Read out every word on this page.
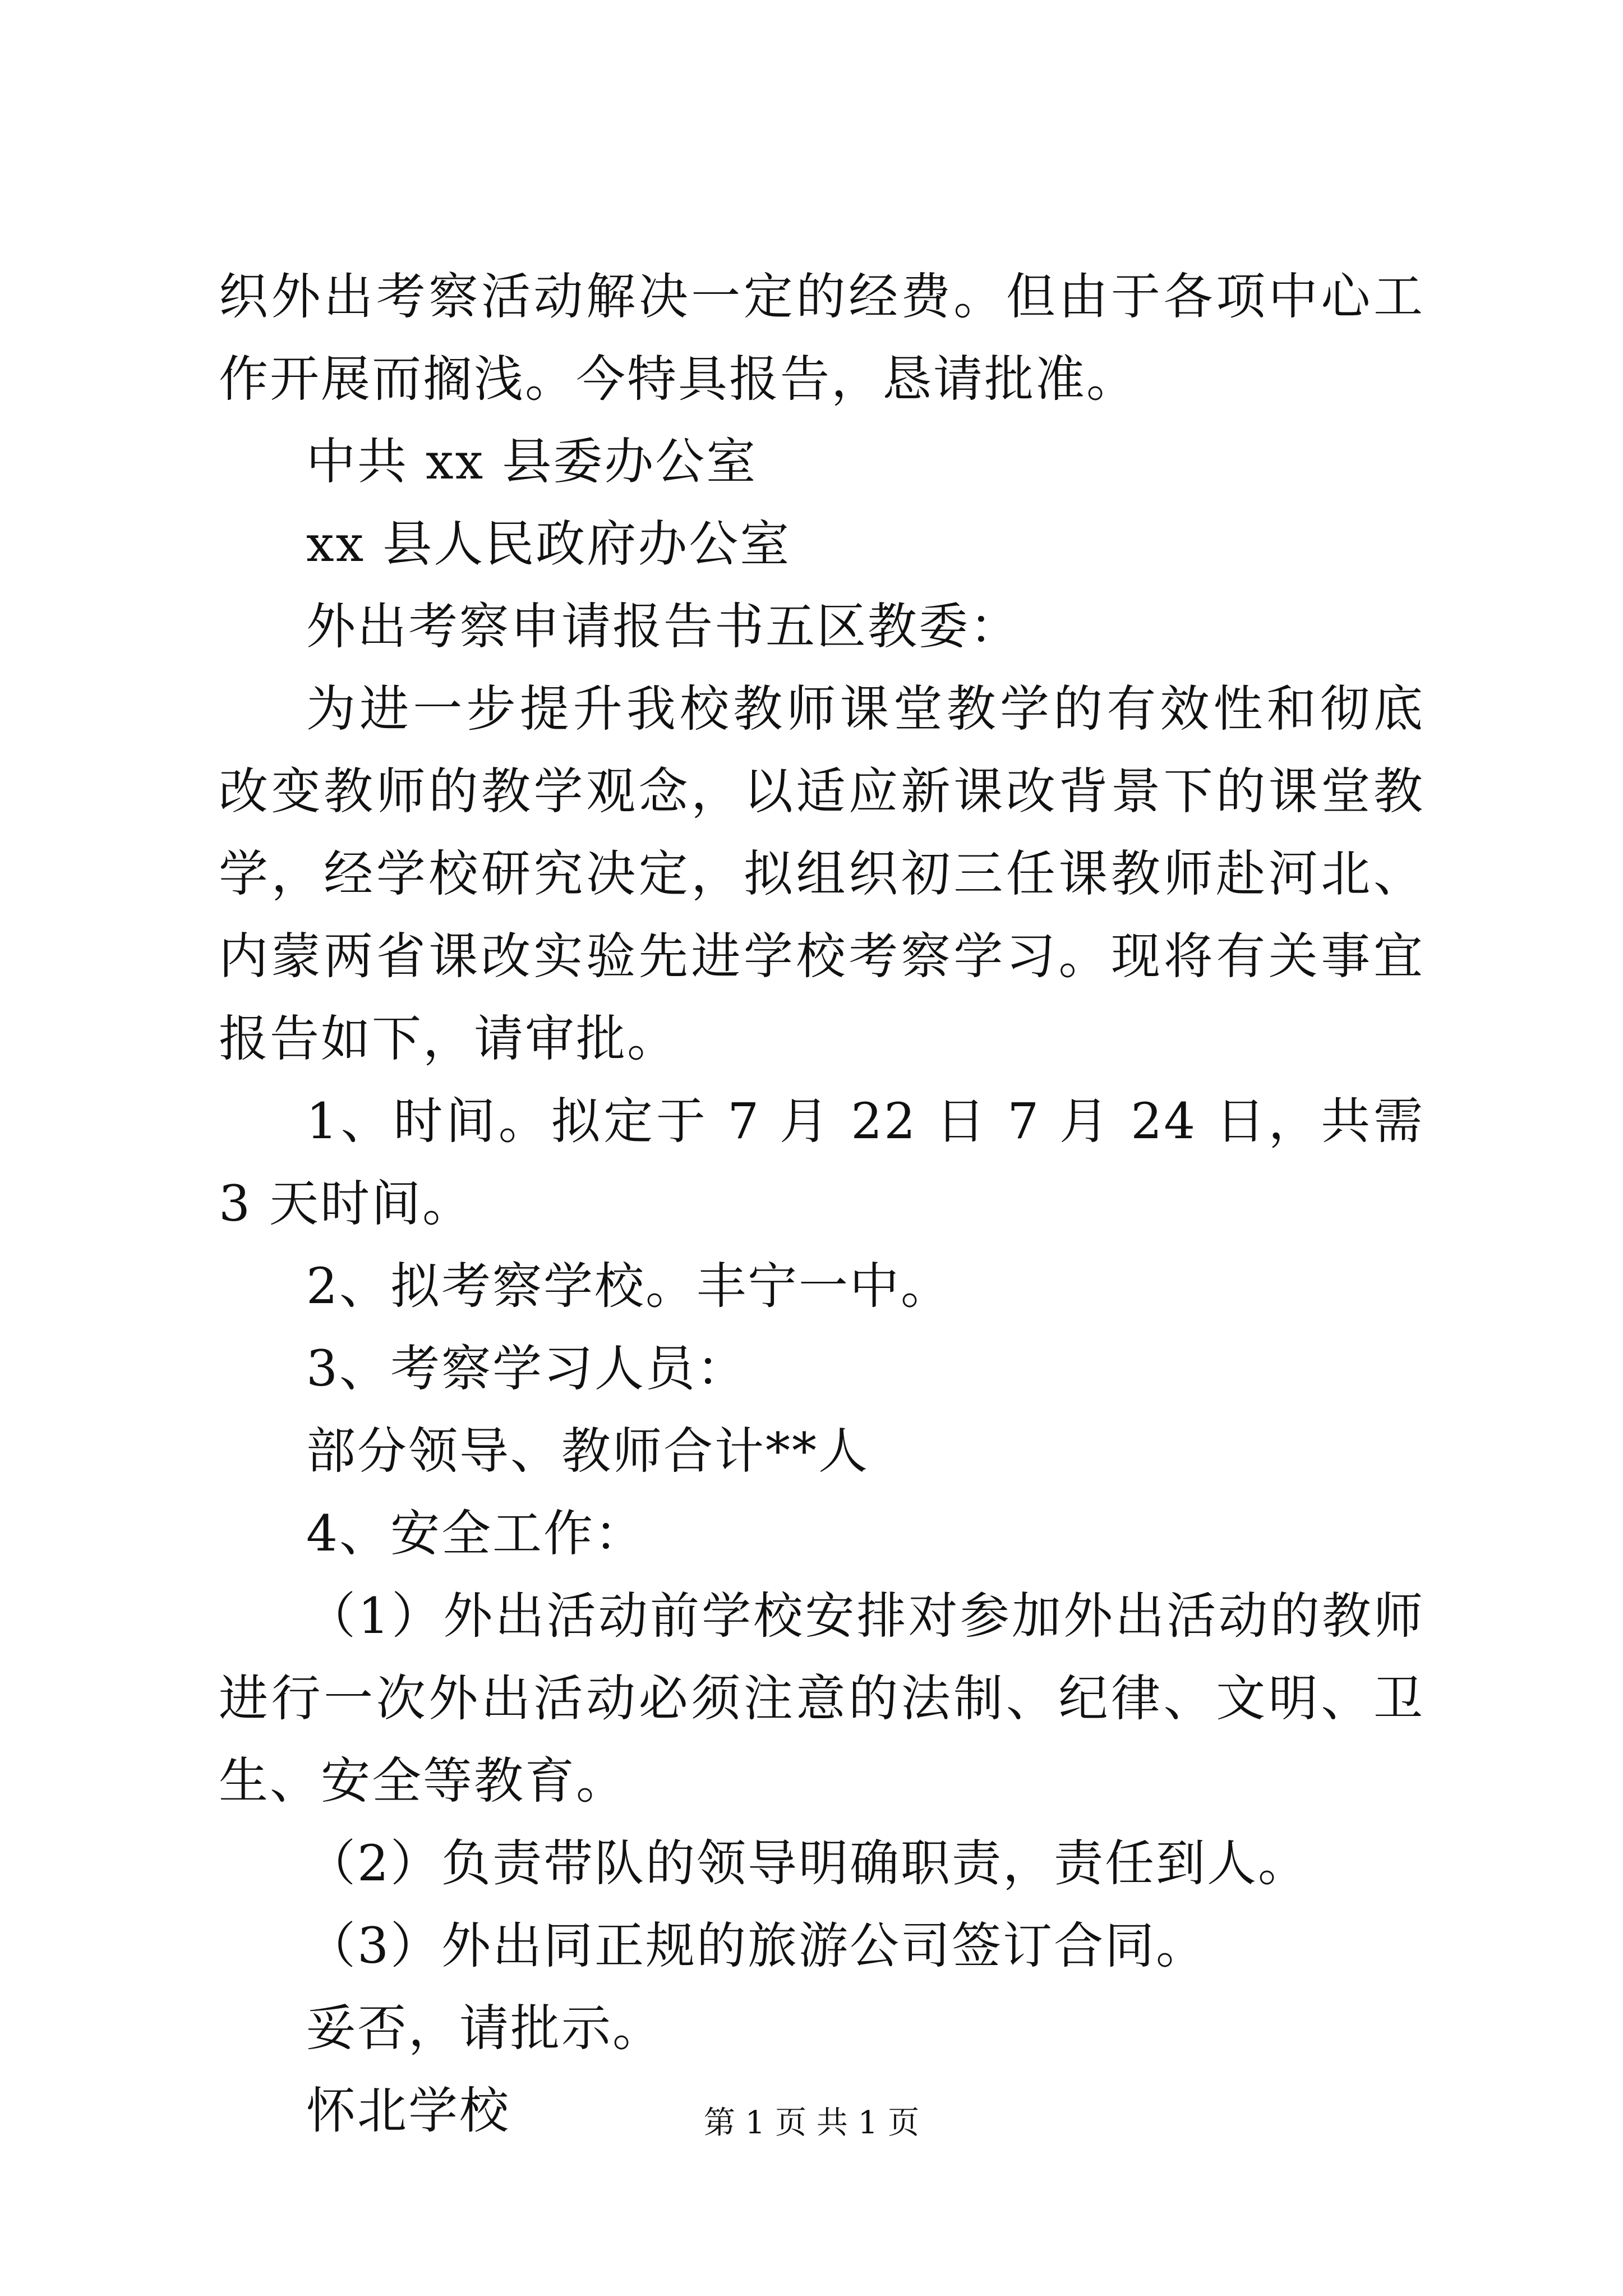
织外出考察活动解决一定的经费。但由于各项中心工作开展而搁浅。今特具报告，恳请批准。

中共 xx 县委办公室

xx 县人民政府办公室

外出考察申请报告书五区教委：

为进一步提升我校教师课堂教学的有效性和彻底改变教师的教学观念，以适应新课改背景下的课堂教学，经学校研究决定，拟组织初三任课教师赴河北、内蒙两省课改实验先进学校考察学习。现将有关事宜报告如下，请审批。

1、时间。拟定于 7 月 22 日 7 月 24 日，共需 3 天时间。

2、拟考察学校。丰宁一中。

3、考察学习人员：

部分领导、教师合计**人

4、安全工作：

（1）外出活动前学校安排对参加外出活动的教师进行一次外出活动必须注意的法制、纪律、文明、卫生、安全等教育。

（2）负责带队的领导明确职责，责任到人。

（3）外出同正规的旅游公司签订合同。

妥否，请批示。

怀北学校	第 1 页 共 1 页
